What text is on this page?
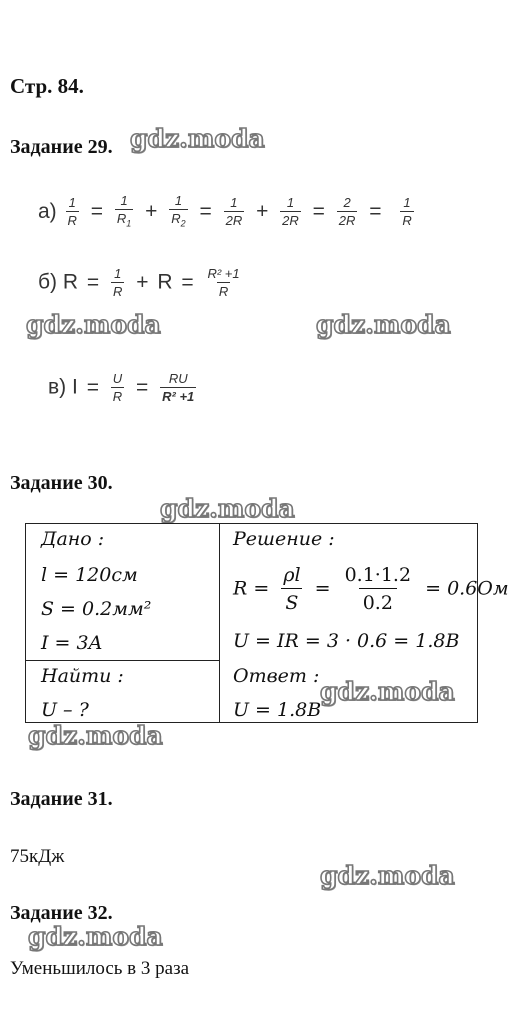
Стр. 84.
Задание 29. gdz.moda
$а) \frac{1}{R} = \frac{1}{R_1} + \frac{1}{R_2} = \frac{1}{2R} + \frac{1}{2R} = \frac{2}{2R} = \frac{1}{R}$
б) $R = \frac{1}{R} + R = \frac{\text{R² +1}}{R}$
gdz.moda	gdz.moda
в) $I = \frac{U}{R} = \frac{RU}{\text{R² +1}}$
Задание 30.
gdz.moda
Дано :
l = 120см
S = 0.2мм²
I = 3A
Найти :
U – ?
Решение :
$R = \frac{\rho l}{S} = \frac{0.1\cdot 1.2}{0.2} = 0.6Ом$
U = IR = 3 · 0.6 = 1.8B
Ответ :
U = 1.8B
gdz.moda
gdz.moda
Задание 31.
75кДж
gdz.moda
Задание 32.
gdz.moda
Уменьшилось в 3 раза
